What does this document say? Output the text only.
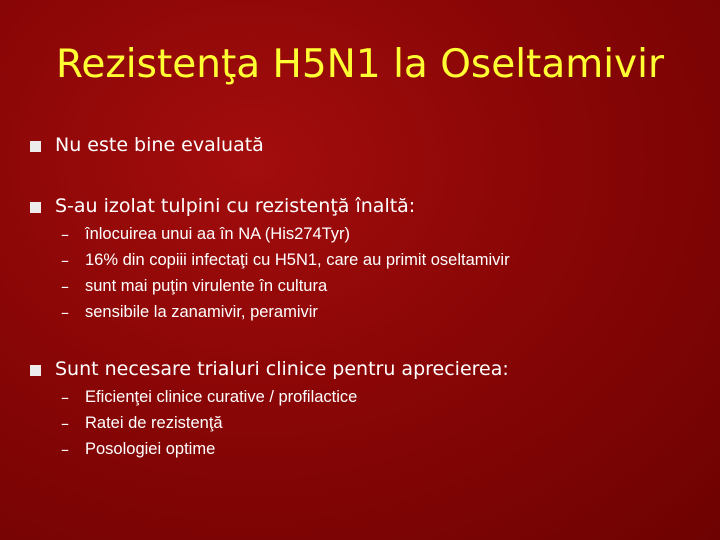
Rezistenţa H5N1 la Oseltamivir
Nu este bine evaluată
S-au izolat tulpini cu rezistenţă înaltă:
– înlocuirea unui aa în NA (His274Tyr)
– 16% din copiii infectaţi cu H5N1, care au primit oseltamivir
– sunt mai puţin virulente în cultura
– sensibile la zanamivir, peramivir
Sunt necesare trialuri clinice pentru aprecierea:
– Eficienţei clinice curative / profilactice
– Ratei de rezistenţă
– Posologiei optime
